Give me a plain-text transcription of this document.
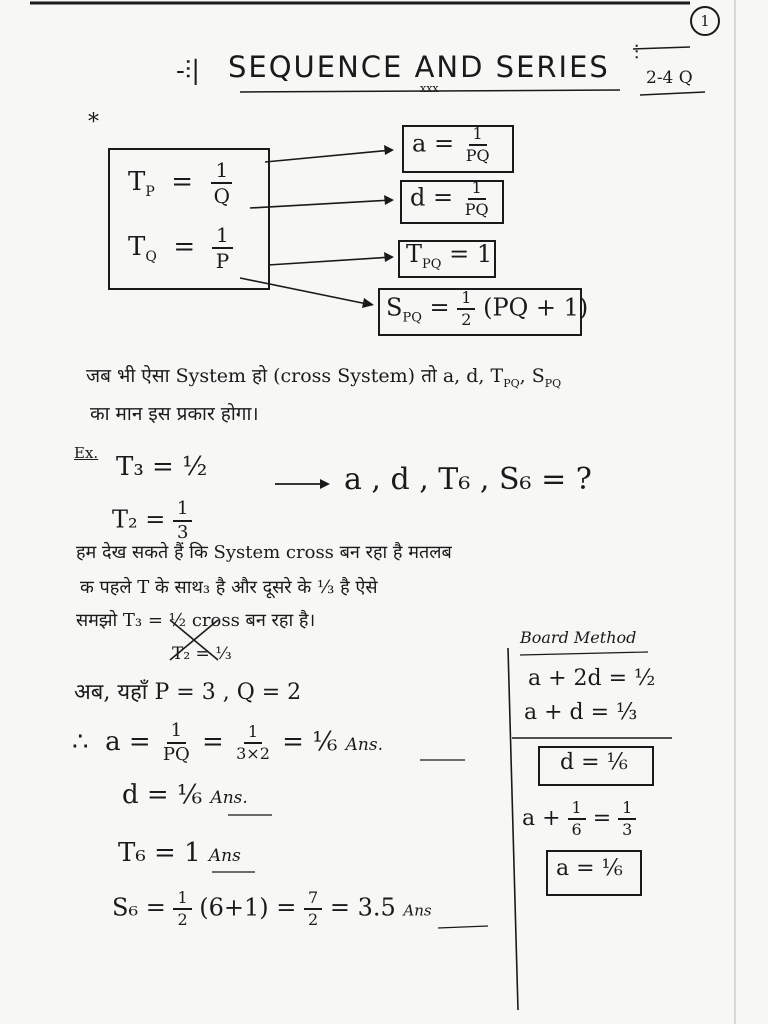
1
-⫶| SEQUENCE AND SERIES
xxx
⫶
2-4 Q
*
$T_P = \frac{1}{Q}$
$T_Q = \frac{1}{P}$
$a = \frac{1}{PQ}$
$d = \frac{1}{PQ}$
$T_{PQ} = 1$
$S_{PQ} = \frac{1}{2} (PQ + 1)$
जब भी ऐसा System हो (cross System) तो a, d, $T_{PQ}$, $S_{PQ}$
का मान इस प्रकार होगा।
Ex. T₃ = ½	a , d , T₆ , S₆ = ?
$T_2 = \frac{1}{3}$
हम देख सकते हैं कि System cross बन रहा है मतलब
क पहले T के साथ₃ है और दूसरे के ⅓ है ऐसे
समझो T₃ = ½ cross बन रहा है।
T₂ = ⅓
अब, यहाँ P = 3 , Q = 2
∴ $a = \frac{1}{PQ} = \frac{1}{3\times 2}$ = ⅙ Ans.
d = ⅙ Ans.
T₆ = 1 Ans
$S_6 = \frac{1}{2} (6+1) = \frac{7}{2} = 3.5$ Ans
Board Method
a + 2d = ½
a + d = ⅓
d = ⅙
$a + \frac{1}{6} = \frac{1}{3}$
a = ⅙
